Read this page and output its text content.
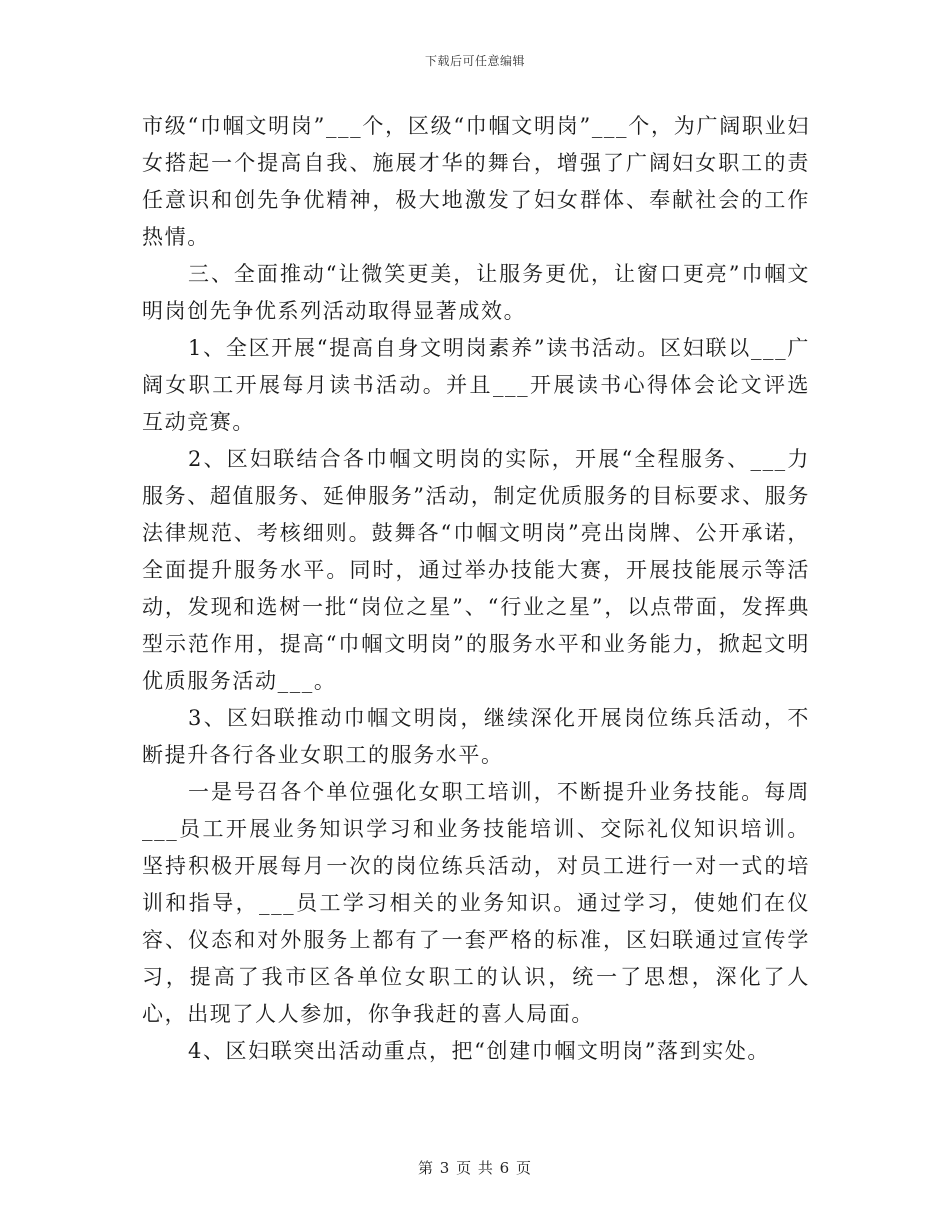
下载后可任意编辑

市级“巾帼文明岗”___个，区级“巾帼文明岗”___个，为广阔职业妇女搭起一个提高自我、施展才华的舞台，增强了广阔妇女职工的责任意识和创先争优精神，极大地激发了妇女群体、奉献社会的工作热情。

三、全面推动“让微笑更美，让服务更优，让窗口更亮”巾帼文明岗创先争优系列活动取得显著成效。

1、全区开展“提高自身文明岗素养”读书活动。区妇联以___广阔女职工开展每月读书活动。并且___开展读书心得体会论文评选互动竞赛。

2、区妇联结合各巾帼文明岗的实际，开展“全程服务、___力服务、超值服务、延伸服务”活动，制定优质服务的目标要求、服务法律规范、考核细则。鼓舞各“巾帼文明岗”亮出岗牌、公开承诺，全面提升服务水平。同时，通过举办技能大赛，开展技能展示等活动，发现和选树一批“岗位之星”、“行业之星”，以点带面，发挥典型示范作用，提高“巾帼文明岗”的服务水平和业务能力，掀起文明优质服务活动___。

3、区妇联推动巾帼文明岗，继续深化开展岗位练兵活动，不断提升各行各业女职工的服务水平。

一是号召各个单位强化女职工培训，不断提升业务技能。每周___员工开展业务知识学习和业务技能培训、交际礼仪知识培训。坚持积极开展每月一次的岗位练兵活动，对员工进行一对一式的培训和指导，___员工学习相关的业务知识。通过学习，使她们在仪容、仪态和对外服务上都有了一套严格的标准，区妇联通过宣传学习，提高了我市区各单位女职工的认识，统一了思想，深化了人心，出现了人人参加，你争我赶的喜人局面。

4、区妇联突出活动重点，把“创建巾帼文明岗”落到实处。

第 3 页 共 6 页
